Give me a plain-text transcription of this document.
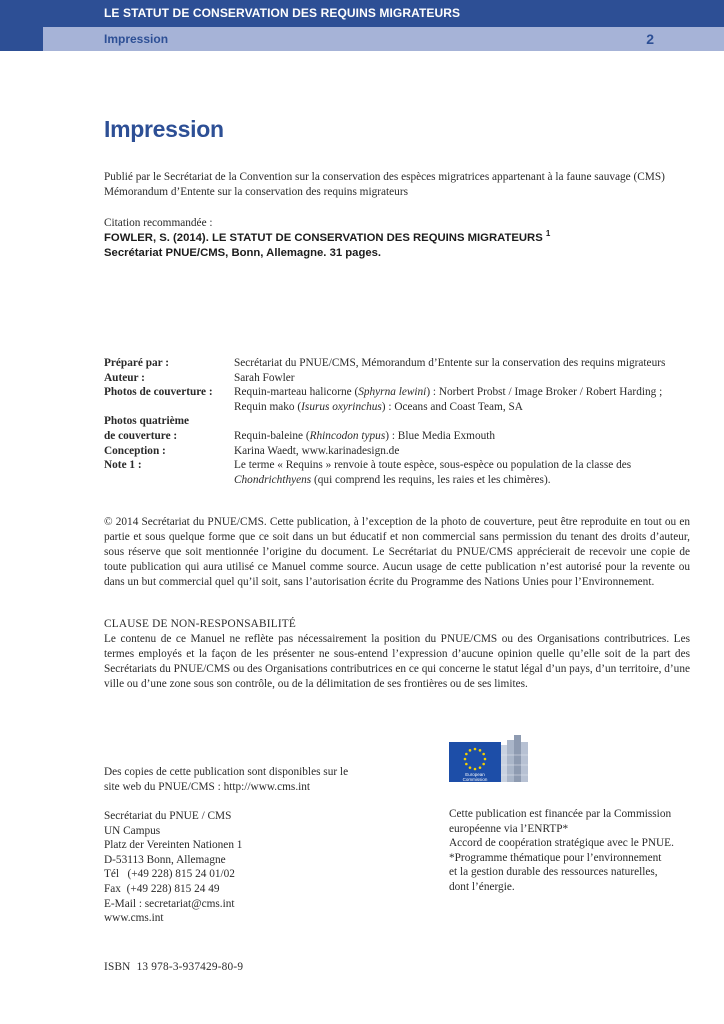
LE STATUT DE CONSERVATION DES REQUINS MIGRATEURS
Impression	2
Impression
Publié par le Secrétariat de la Convention sur la conservation des espèces migratrices appartenant à la faune sauvage (CMS)
Mémorandum d’Entente sur la conservation des requins migrateurs
Citation recommandée :
FOWLER, S. (2014). LE STATUT DE CONSERVATION DES REQUINS MIGRATEURS $^1$
Secrétariat PNUE/CMS, Bonn, Allemagne. 31 pages.
Préparé par :	Secrétariat du PNUE/CMS, Mémorandum d’Entente sur la conservation des requins migrateurs
Auteur :	Sarah Fowler
Photos de couverture :	Requin-marteau halicorne (Sphyrna lewini) : Norbert Probst / Image Broker / Robert Harding ;
Requin mako (Isurus oxyrinchus) : Oceans and Coast Team, SA
Photos quatrième
de couverture :	Requin-baleine (Rhincodon typus) : Blue Media Exmouth
Conception :	Karina Waedt, www.karinadesign.de
Note 1 :	Le terme « Requins » renvoie à toute espèce, sous-espèce ou population de la classe des
Chondrichthyens (qui comprend les requins, les raies et les chimères).
© 2014 Secrétariat du PNUE/CMS. Cette publication, à l’exception de la photo de couverture, peut être reproduite en tout ou en partie et sous quelque forme que ce soit dans un but éducatif et non commercial sans permission du tenant des droits d’auteur, sous réserve que soit mentionnée l’origine du document. Le Secrétariat du PNUE/CMS apprécierait de recevoir une copie de toute publication qui aura utilisé ce Manuel comme source. Aucun usage de cette publication n’est autorisé pour la revente ou dans un but commercial quel qu’il soit, sans l’autorisation écrite du Programme des Nations Unies pour l’Environnement.
CLAUSE DE NON-RESPONSABILITÉ
Le contenu de ce Manuel ne reflète pas nécessairement la position du PNUE/CMS ou des Organisations contributrices. Les termes employés et la façon de les présenter ne sous-entend l’expression d’aucune opinion quelle qu’elle soit de la part des Secrétariats du PNUE/CMS ou des Organisations contributrices en ce qui concerne le statut légal d’un pays, d’un territoire, d’une ville ou d’une zone sous son contrôle, ou de la délimitation de ses frontières ou de ses limites.
European
Commission
Des copies de cette publication sont disponibles sur le
site web du PNUE/CMS : http://www.cms.int
Secrétariat du PNUE / CMS
UN Campus
Platz der Vereinten Nationen 1
D-53113 Bonn, Allemagne
Tél   (+49 228) 815 24 01/02
Fax  (+49 228) 815 24 49
E-Mail : secretariat@cms.int
www.cms.int
Cette publication est financée par la Commission
européenne via l’ENRTP*
Accord de coopération stratégique avec le PNUE.
*Programme thématique pour l’environnement
et la gestion durable des ressources naturelles,
dont l’énergie.
ISBN  13 978-3-937429-80-9
